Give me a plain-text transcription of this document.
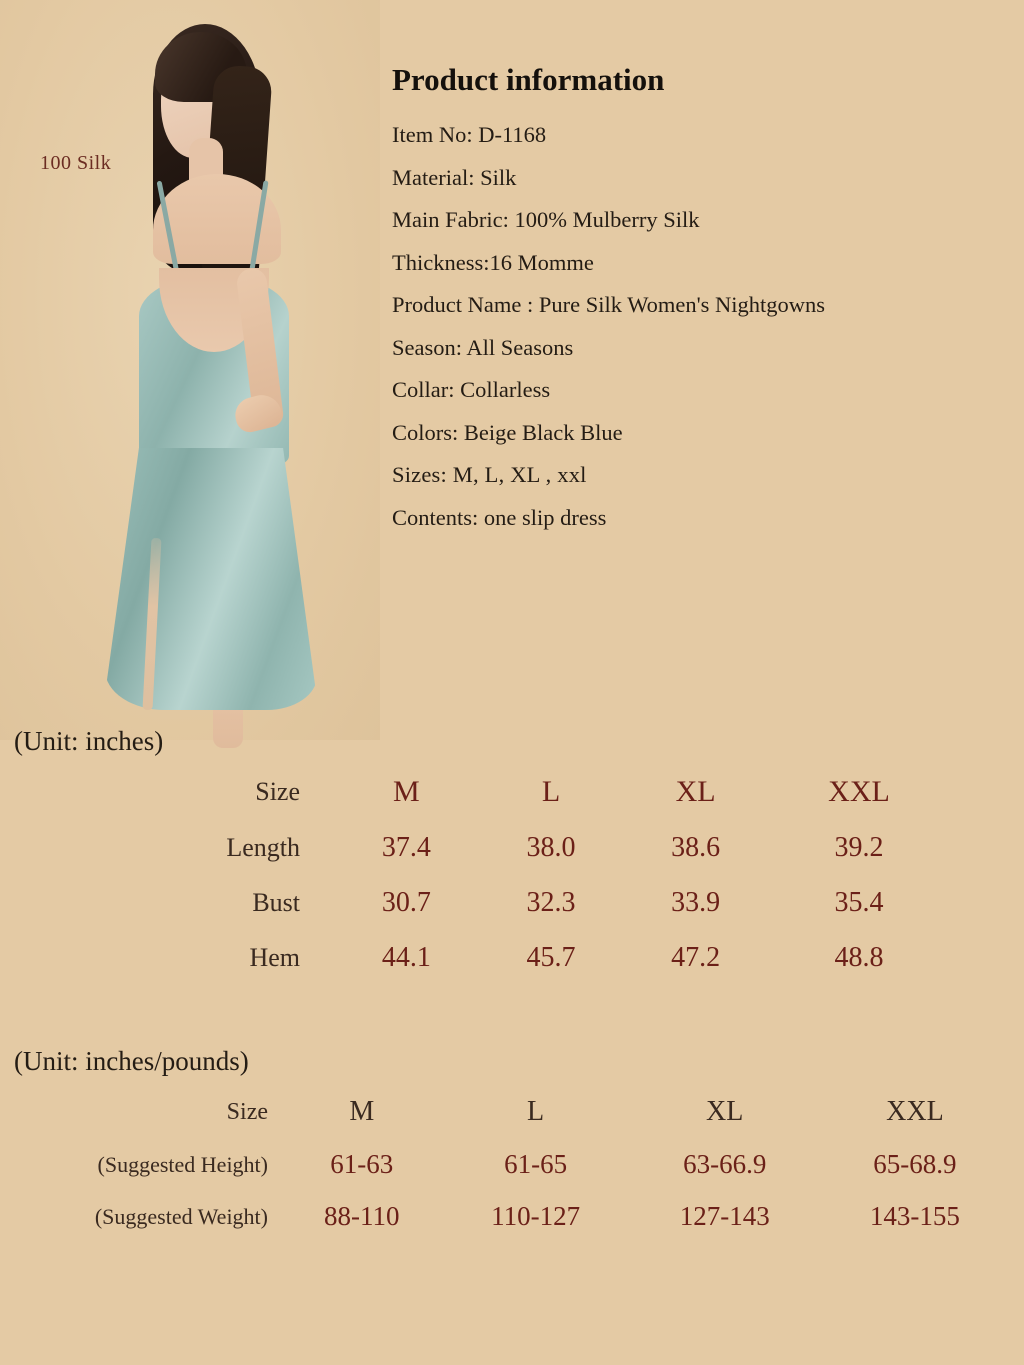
100 Silk
Product information
Item No: D-1168
Material: Silk
Main Fabric: 100% Mulberry Silk
Thickness:16 Momme
Product Name : Pure Silk Women's Nightgowns
Season: All Seasons
Collar: Collarless
Colors: Beige Black Blue
Sizes: M, L, XL , xxl
Contents: one slip dress
(Unit: inches)
(Unit: inches/pounds)
Size	M	L	XL	XXL
Length	37.4	38.0	38.6	39.2
Bust	30.7	32.3	33.9	35.4
Hem	44.1	45.7	47.2	48.8
Size	M	L	XL	XXL
(Suggested Height)	61-63	61-65	63-66.9	65-68.9
(Suggested Weight)	88-110	110-127	127-143	143-155
